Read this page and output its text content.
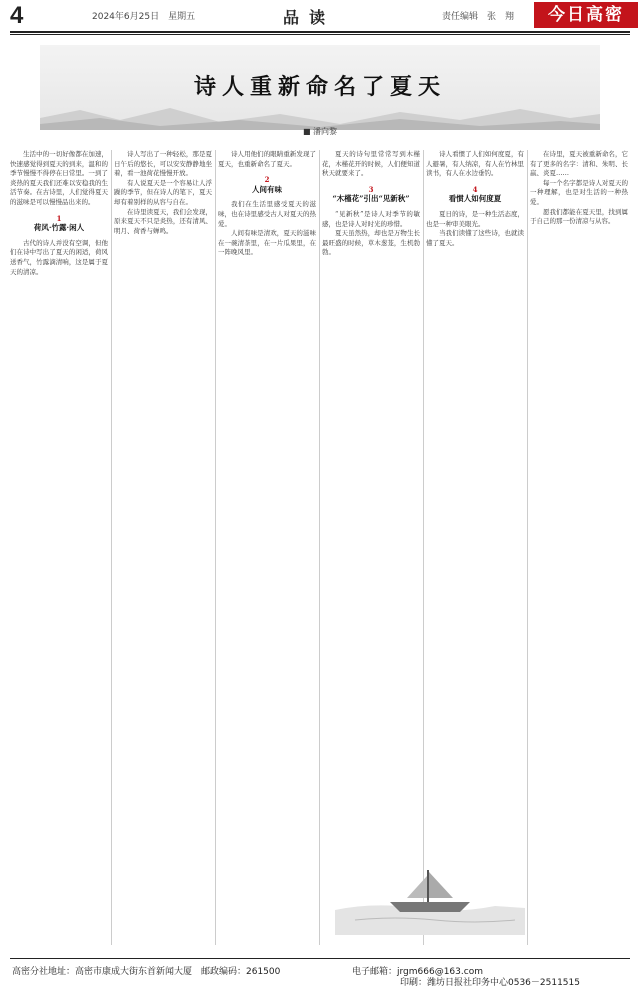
4	2024年6月25日　星期五	品读	责任编辑　张　翔	今日高密
诗人重新命名了夏天
■ 潘向黎

生活中的一切好像都在加速，快速感觉得到夏天的到来，温和的季节慢慢不得停在日常里。一到了炎热的夏天我们还难以安稳我的生活节奏。在古诗里，人们觉得夏天的滋味是可以慢慢品出来的。

1
荷风·竹露·闲人

古代的诗人并没有空调，但他们在诗中写出了夏天的闲适，荷风送香气，竹露滴清响，这是属于夏天的清凉。

诗人写出了一种轻松，那是夏日午后的悠长，可以安安静静地坐着，看一池荷花慢慢开放。

有人说夏天是一个容易让人浮躁的季节，但在诗人的笔下，夏天却有着别样的从容与自在。

在诗里读夏天，我们会发现，原来夏天不只是炎热，还有清风、明月、荷香与蝉鸣。

诗人用他们的眼睛重新发现了夏天，也重新命名了夏天。

2
人间有味

我们在生活里感受夏天的滋味，也在诗里感受古人对夏天的热爱。

人间有味是清欢，夏天的滋味在一碗清茶里，在一片瓜果里，在一阵晚风里。

夏天的诗句里常常写到木槿花，木槿花开的时候，人们便知道秋天就要来了。

3
“木槿花”引出“见新秋”

“见新秋”是诗人对季节的敏感，也是诗人对时光的珍惜。

夏天虽然热，却也是万物生长最旺盛的时候，草木葱茏，生机勃勃。

诗人看惯了人们如何度夏，有人避暑，有人纳凉，有人在竹林里读书，有人在水边垂钓。

4
看惯人如何度夏

夏日的诗，是一种生活态度，也是一种审美眼光。

当我们读懂了这些诗，也就读懂了夏天。

在诗里，夏天被重新命名，它有了更多的名字：清和、朱明、长嬴、炎夏……

每一个名字都是诗人对夏天的一种理解，也是对生活的一种热爱。

愿我们都能在夏天里，找到属于自己的那一份清凉与从容。

高密分社地址：高密市康成大街东首新闻大厦　邮政编码：261500	电子邮箱：jrgm666@163.com
印刷：潍坊日报社印务中心0536－2511515
